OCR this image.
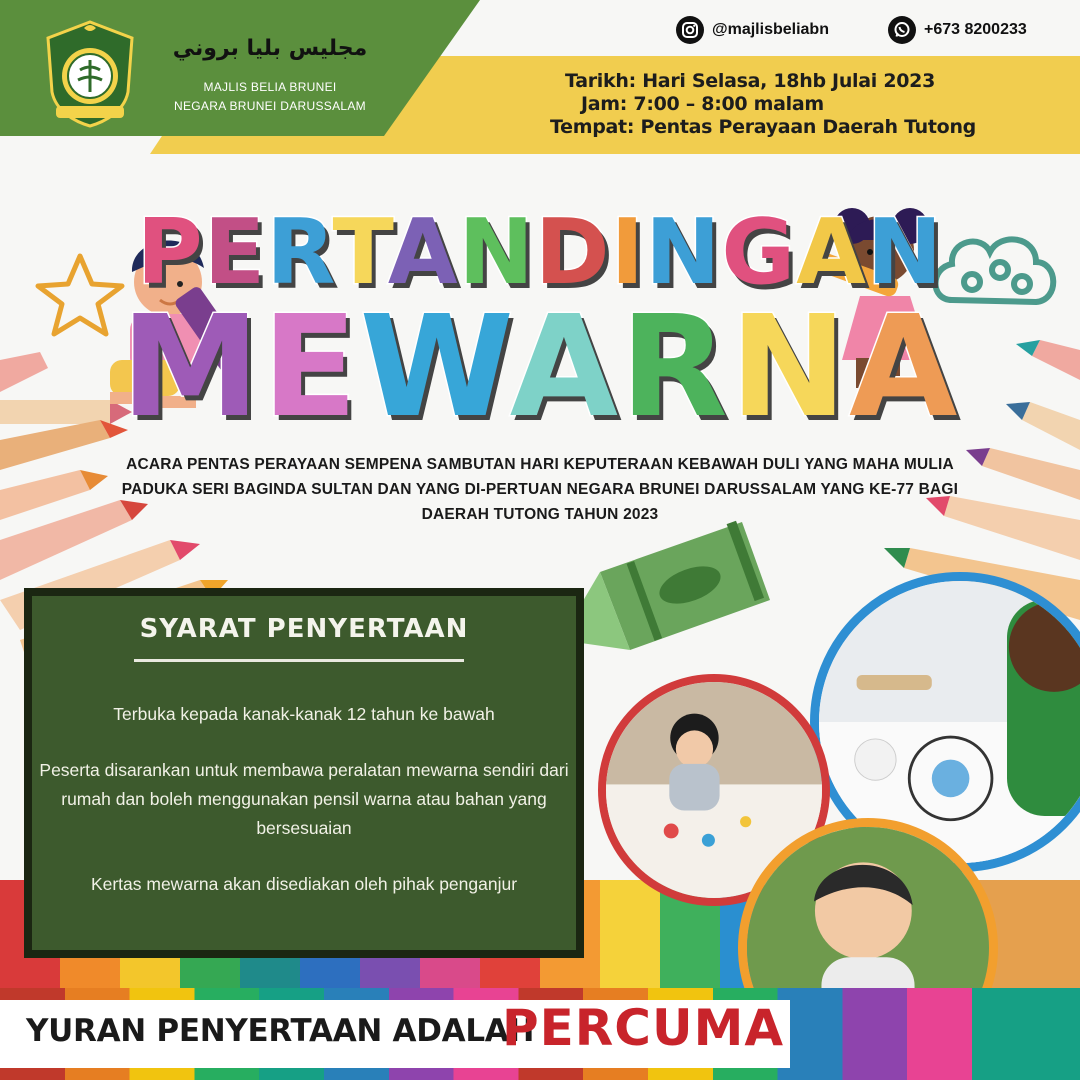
مجليس بليا بروني
MAJLIS BELIA BRUNEI
NEGARA BRUNEI DARUSSALAM
@majlisbeliabn	+673 8200233
Tarikh: Hari Selasa, 18hb Julai 2023
Jam: 7:00 – 8:00 malam
Tempat: Pentas Perayaan Daerah Tutong
PERTANDINGAN
MEWARNA
ACARA PENTAS PERAYAAN SEMPENA SAMBUTAN HARI KEPUTERAAN KEBAWAH DULI YANG MAHA MULIA PADUKA SERI BAGINDA SULTAN DAN YANG DI-PERTUAN NEGARA BRUNEI DARUSSALAM YANG KE-77 BAGI DAERAH TUTONG TAHUN 2023
SYARAT PENYERTAAN
Terbuka kepada kanak-kanak 12 tahun ke bawah
Peserta disarankan untuk membawa peralatan mewarna sendiri dari rumah dan boleh menggunakan pensil warna atau bahan yang bersesuaian
Kertas mewarna akan disediakan oleh pihak penganjur
YURAN PENYERTAAN ADALAH
PERCUMA
